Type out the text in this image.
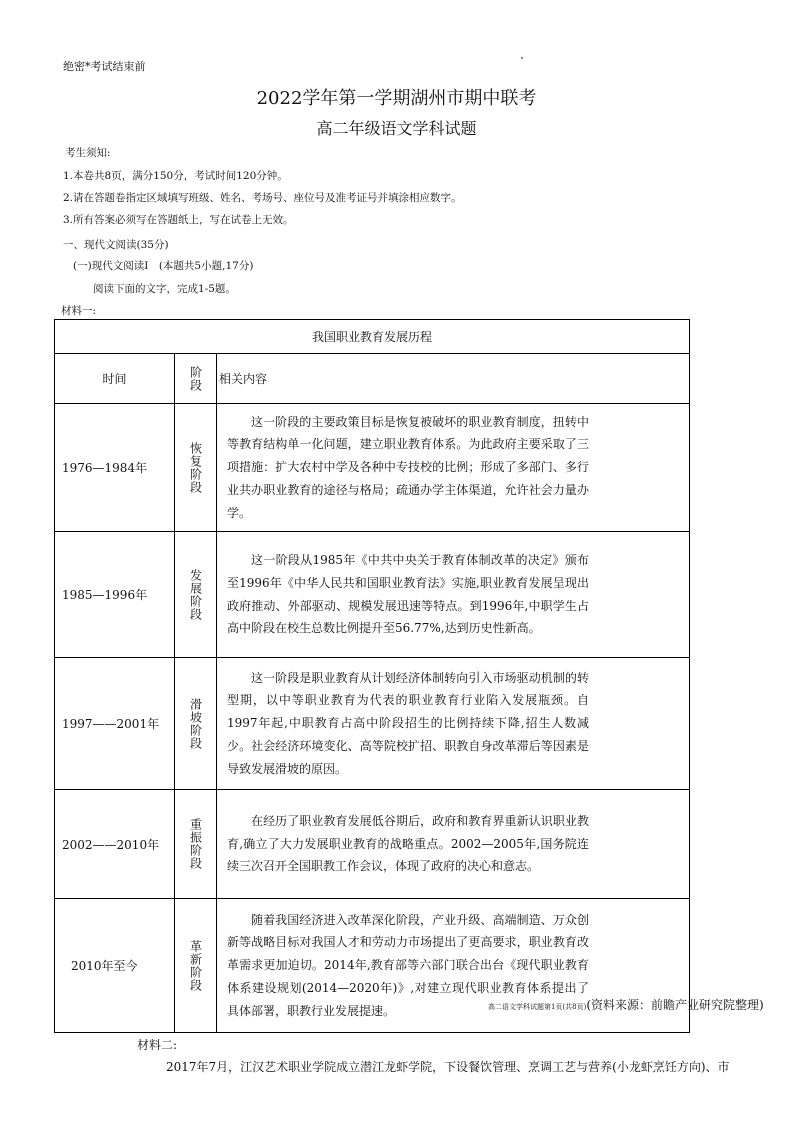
绝密*考试结束前
2022学年第一学期湖州市期中联考
高二年级语文学科试题
考生须知:
1.本卷共8页，满分150分，考试时间120分钟。
2.请在答题卷指定区域填写班级、姓名、考场号、座位号及准考证号并填涂相应数字。
3.所有答案必须写在答题纸上，写在试卷上无效。
一、现代文阅读(35分)
(一)现代文阅读Ⅰ　(本题共5小题,17分)
阅读下面的文字，完成1-5题。
材料一:
我国职业教育发展历程		
时间	阶段	相关内容
1976—1984年	恢复阶段	这一阶段的主要政策目标是恢复被破坏的职业教育制度，扭转中等教育结构单一化问题，建立职业教育体系。为此政府主要采取了三项措施：扩大农村中学及各种中专技校的比例；形成了多部门、多行业共办职业教育的途径与格局；疏通办学主体渠道，允许社会力量办学。
1985—1996年	发展阶段	这一阶段从1985年《中共中央关于教育体制改革的决定》颁布至1996年《中华人民共和国职业教育法》实施,职业教育发展呈现出政府推动、外部驱动、规模发展迅速等特点。到1996年,中职学生占高中阶段在校生总数比例提升至56.77%,达到历史性新高。
1997——2001年	滑坡阶段	这一阶段是职业教育从计划经济体制转向引入市场驱动机制的转型期，以中等职业教育为代表的职业教育行业陷入发展瓶颈。自1997年起,中职教育占高中阶段招生的比例持续下降,招生人数减少。社会经济环境变化、高等院校扩招、职教自身改革滞后等因素是导致发展滑坡的原因。
2002——2010年	重振阶段	在经历了职业教育发展低谷期后，政府和教育界重新认识职业教育,确立了大力发展职业教育的战略重点。2002—2005年,国务院连续三次召开全国职教工作会议，体现了政府的决心和意志。
2010年至今	革新阶段	随着我国经济进入改革深化阶段，产业升级、高端制造、万众创新等战略目标对我国人才和劳动力市场提出了更高要求，职业教育改革需求更加迫切。2014年,教育部等六部门联合出台《现代职业教育体系建设规划(2014—2020年)》,对建立现代职业教育体系提出了具体部署，职教行业发展提速。	高二语文学科试题第1页(共8页)(资料来源：前瞻产业研究院整理)
材料二:
2017年7月，江汉艺术职业学院成立潜江龙虾学院，下设餐饮管理、烹调工艺与营养(小龙虾烹饪方向)、市
